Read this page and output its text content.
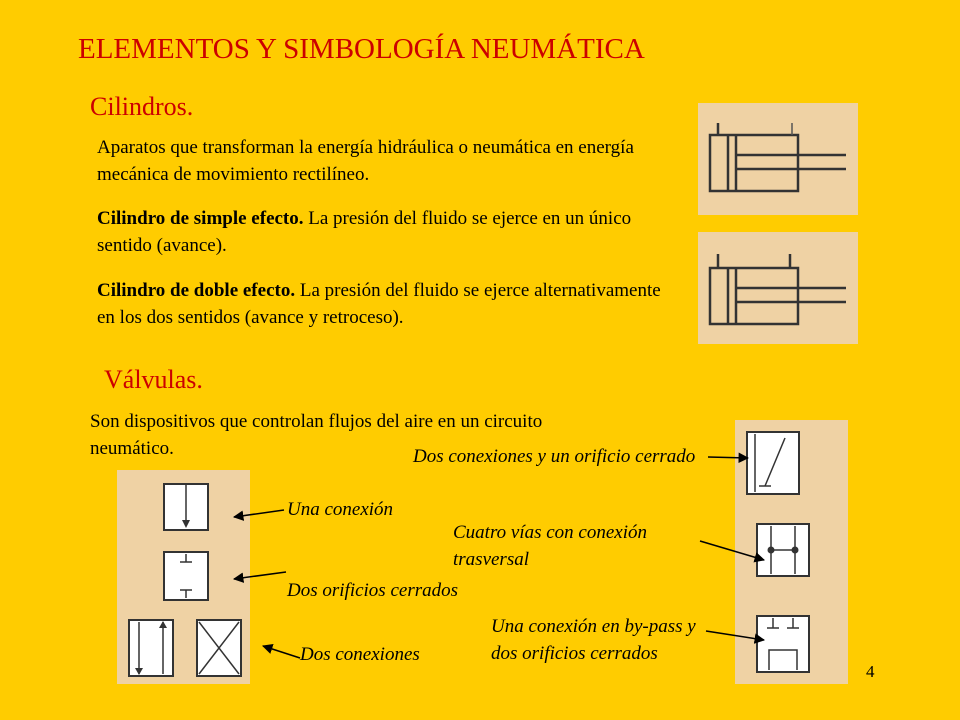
ELEMENTOS Y SIMBOLOGÍA NEUMÁTICA
Cilindros.
Aparatos que transforman la energía hidráulica o neumática en energía mecánica de movimiento rectilíneo.
Cilindro de simple efecto. La presión del fluido se ejerce en un único sentido (avance).
Cilindro de doble efecto. La presión del fluido se ejerce alternativamente en los dos sentidos (avance y retroceso).
Válvulas.
Son dispositivos que controlan flujos del aire en un circuito neumático.
Una conexión
Dos orificios cerrados
Dos conexiones
Dos conexiones y un orificio cerrado
Cuatro vías con conexión trasversal
Una conexión en by-pass y dos orificios cerrados
4
